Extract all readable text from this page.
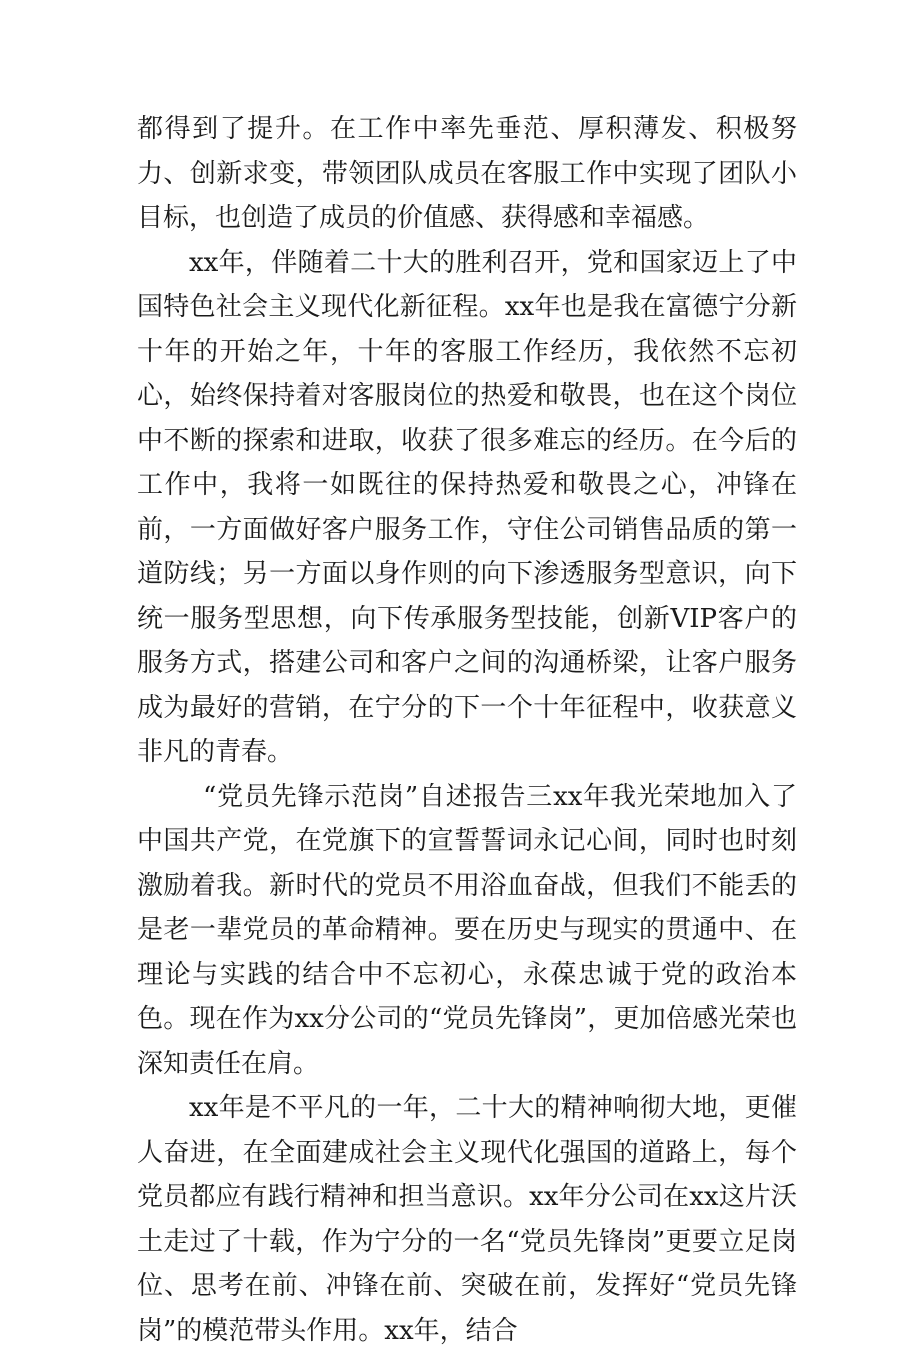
都得到了提升。在工作中率先垂范、厚积薄发、积极努力、创新求变，带领团队成员在客服工作中实现了团队小目标，也创造了成员的价值感、获得感和幸福感。

xx年，伴随着二十大的胜利召开，党和国家迈上了中国特色社会主义现代化新征程。xx年也是我在富德宁分新十年的开始之年，十年的客服工作经历，我依然不忘初心，始终保持着对客服岗位的热爱和敬畏，也在这个岗位中不断的探索和进取，收获了很多难忘的经历。在今后的工作中，我将一如既往的保持热爱和敬畏之心，冲锋在前，一方面做好客户服务工作，守住公司销售品质的第一道防线；另一方面以身作则的向下渗透服务型意识，向下统一服务型思想，向下传承服务型技能，创新VIP客户的服务方式，搭建公司和客户之间的沟通桥梁，让客户服务成为最好的营销，在宁分的下一个十年征程中，收获意义非凡的青春。

“党员先锋示范岗”自述报告三xx年我光荣地加入了中国共产党，在党旗下的宣誓誓词永记心间，同时也时刻激励着我。新时代的党员不用浴血奋战，但我们不能丢的是老一辈党员的革命精神。要在历史与现实的贯通中、在理论与实践的结合中不忘初心，永葆忠诚于党的政治本色。现在作为xx分公司的“党员先锋岗”，更加倍感光荣也深知责任在肩。

xx年是不平凡的一年，二十大的精神响彻大地，更催人奋进，在全面建成社会主义现代化强国的道路上，每个党员都应有践行精神和担当意识。xx年分公司在xx这片沃土走过了十载，作为宁分的一名“党员先锋岗”更要立足岗位、思考在前、冲锋在前、突破在前，发挥好“党员先锋岗”的模范带头作用。xx年，结合
